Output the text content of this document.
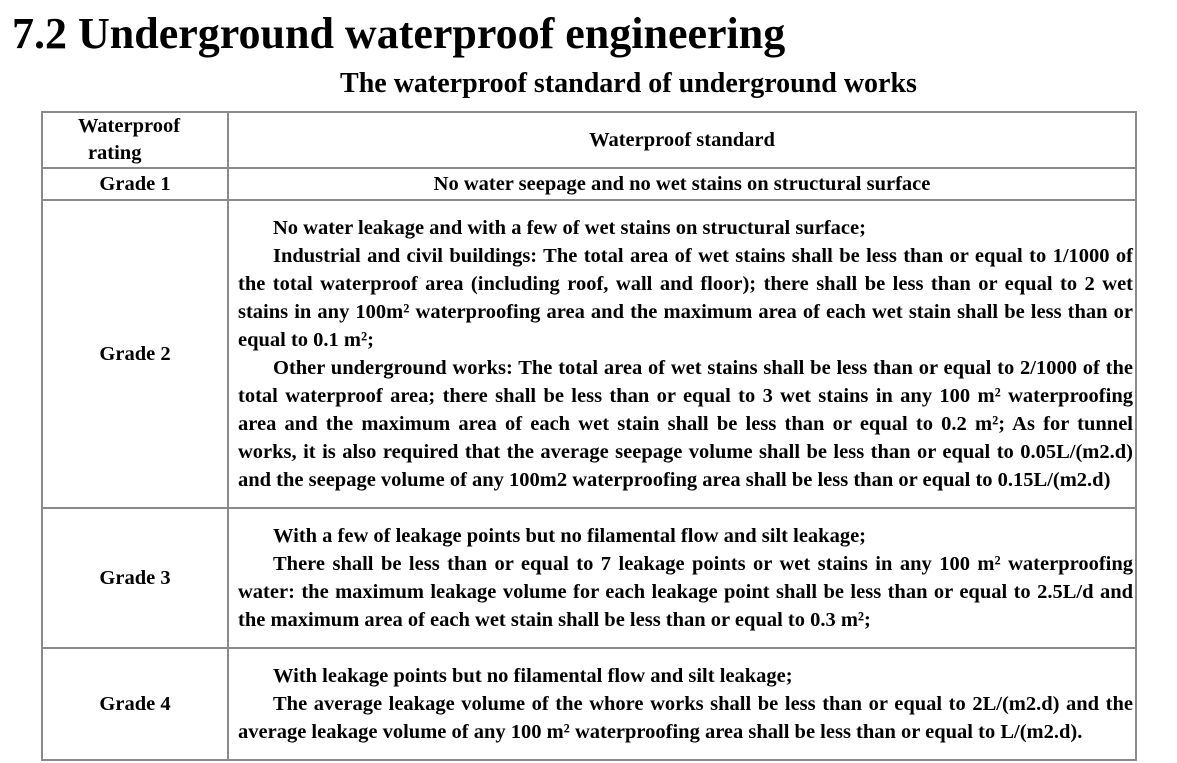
7.2 Underground waterproof engineering
The waterproof standard of underground works
Waterproof
rating	Waterproof standard
Grade 1	No water seepage and no wet stains on structural surface
Grade 2	No water leakage and with a few of wet stains on structural surface;

Industrial and civil buildings: The total area of wet stains shall be less than or equal to 1/1000 of the total waterproof area (including roof, wall and floor); there shall be less than or equal to 2 wet stains in any 100m² waterproofing area and the maximum area of each wet stain shall be less than or equal to 0.1 m²;

Other underground works: The total area of wet stains shall be less than or equal to 2/1000 of the total waterproof area; there shall be less than or equal to 3 wet stains in any 100 m² waterproofing area and the maximum area of each wet stain shall be less than or equal to 0.2 m²; As for tunnel works, it is also required that the average seepage volume shall be less than or equal to 0.05L/(m2.d) and the seepage volume of any 100m2 waterproofing area shall be less than or equal to 0.15L/(m2.d)

Grade 3	With a few of leakage points but no filamental flow and silt leakage;

There shall be less than or equal to 7 leakage points or wet stains in any 100 m² waterproofing water: the maximum leakage volume for each leakage point shall be less than or equal to 2.5L/d and the maximum area of each wet stain shall be less than or equal to 0.3 m²;

Grade 4	With leakage points but no filamental flow and silt leakage;

The average leakage volume of the whore works shall be less than or equal to 2L/(m2.d) and the average leakage volume of any 100 m² waterproofing area shall be less than or equal to L/(m2.d).
